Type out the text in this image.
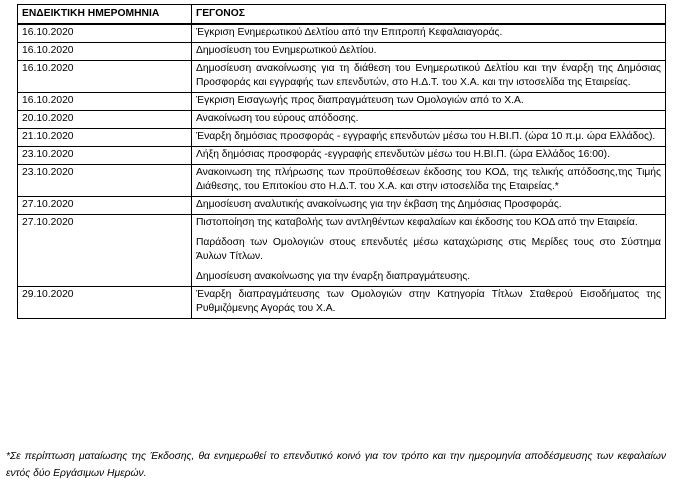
ΕΝΔΕΙΚΤΙΚΗ ΗΜΕΡΟΜΗΝΙΑ	ΓΕΓΟΝΟΣ
16.10.2020	Έγκριση Ενημερωτικού Δελτίου από την Επιτροπή Κεφαλαιαγοράς.

16.10.2020	Δημοσίευση του Ενημερωτικού Δελτίου.

16.10.2020	Δημοσίευση ανακοίνωσης για τη διάθεση του Ενημερωτικού Δελτίου και την έναρξη της Δημόσιας Προσφοράς και εγγραφής των επενδυτών, στο Η.Δ.Τ. του Χ.Α. και την ιστοσελίδα της Εταιρείας.

16.10.2020	Έγκριση Εισαγωγής προς διαπραγμάτευση των Ομολογιών από το Χ.Α.

20.10.2020	Ανακοίνωση του εύρους απόδοσης.

21.10.2020	Έναρξη δημόσιας προσφοράς - εγγραφής επενδυτών μέσω του Η.ΒΙ.Π. (ώρα 10 π.μ. ώρα Ελλάδος).

23.10.2020	Λήξη δημόσιας προσφοράς -εγγραφής επενδυτών μέσω του Η.ΒΙ.Π. (ώρα Ελλάδος 16:00).

23.10.2020	Ανακοινωση της πλήρωσης των προϋποθέσεων έκδοσης του ΚΟΔ, της τελικής απόδοσης,της Τιμής Διάθεσης, του Επιτοκίου στο Η.Δ.Τ. του Χ.Α. και στην ιστοσελίδα της Εταιρείας.*

27.10.2020	Δημοσίευση αναλυτικής ανακοίνωσης για την έκβαση της Δημόσιας Προσφοράς.

27.10.2020	Πιστοποίηση της καταβολής των αντληθέντων κεφαλαίων και έκδοσης του ΚΟΔ από την Εταιρεία.

Παράδοση των Ομολογιών στους επενδυτές μέσω καταχώρισης στις Μερίδες τους στο Σύστημα Άυλων Τίτλων.

Δημοσίευση ανακοίνωσης για την έναρξη διαπραγμάτευσης.

29.10.2020	Έναρξη διαπραγμάτευσης των Ομολογιών στην Κατηγορία Τίτλων Σταθερού Εισοδήματος της Ρυθμιζόμενης Αγοράς του Χ.Α.

*Σε περίπτωση ματαίωσης της Έκδοσης, θα ενημερωθεί το επενδυτικό κοινό για τον τρόπο και την ημερομηνία αποδέσμευσης των κεφαλαίων εντός δύο Εργάσιμων Ημερών.
